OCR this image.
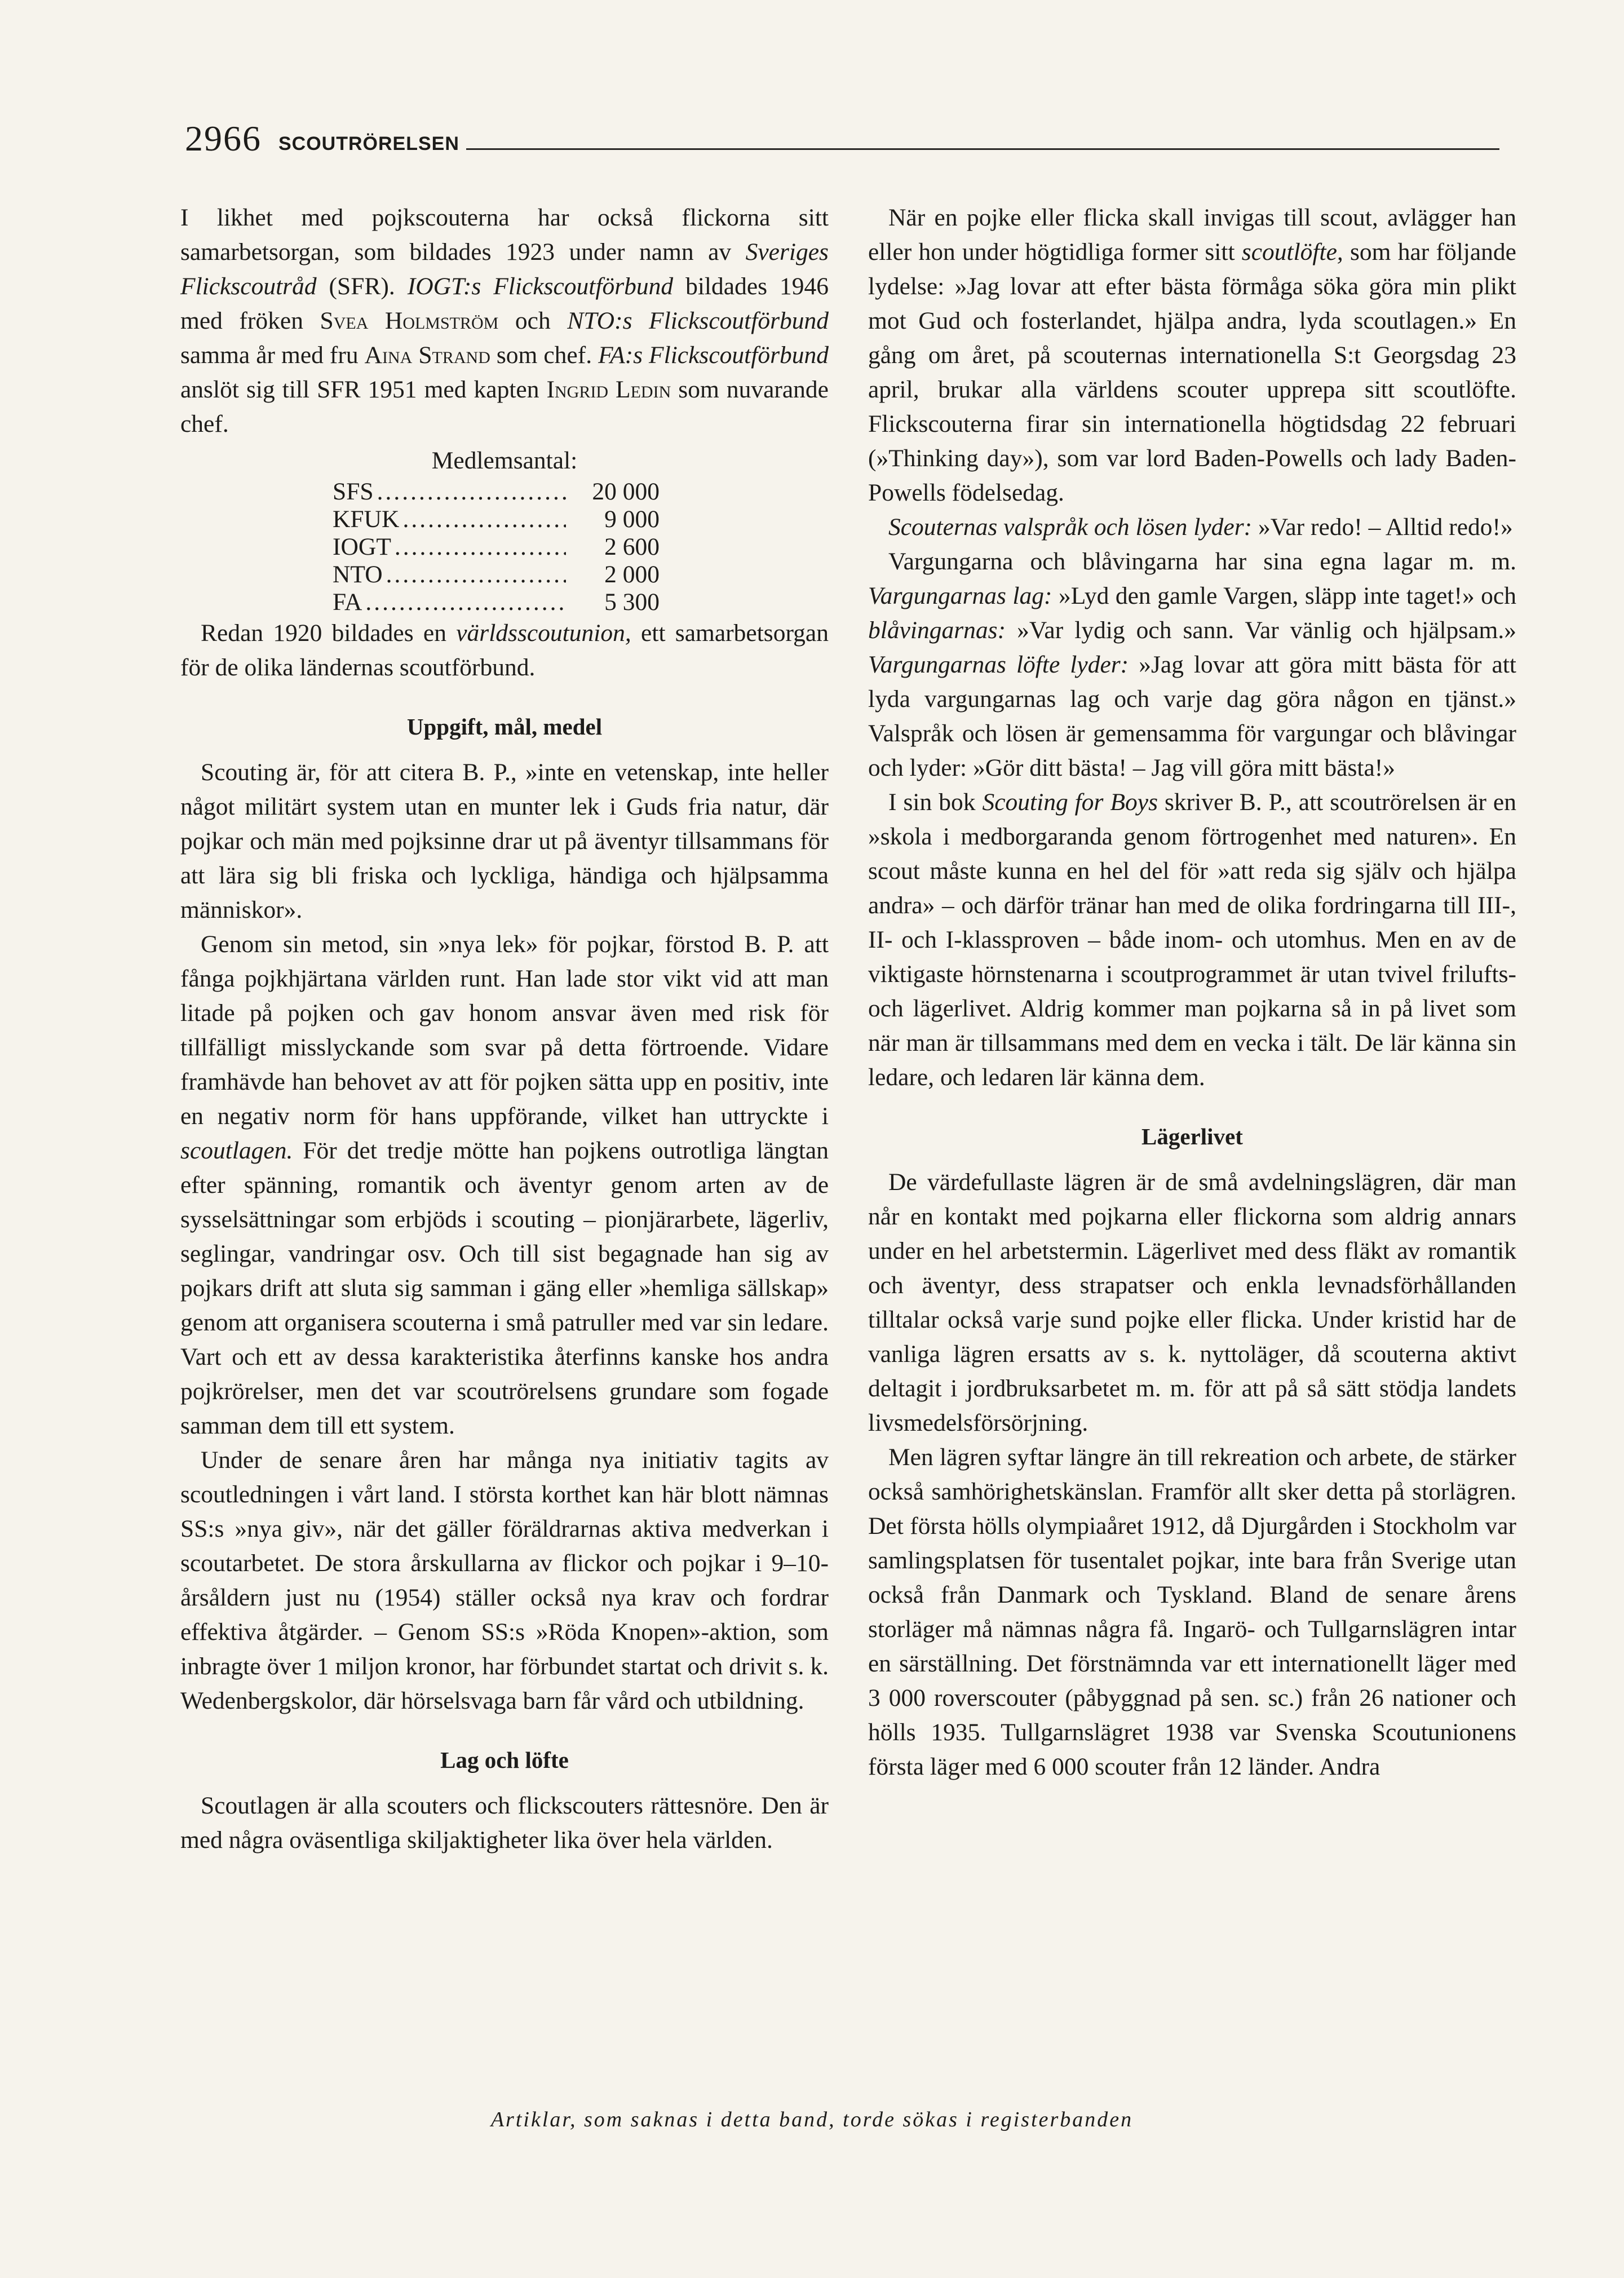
2966 SCOUTRÖRELSEN

I likhet med pojkscouterna har också flickorna sitt samarbetsorgan, som bildades 1923 under namn av Sveriges Flickscoutråd (SFR). IOGT:s Flickscoutförbund bildades 1946 med fröken Svea Holmström och NTO:s Flickscoutförbund samma år med fru Aina Strand som chef. FA:s Flickscoutförbund anslöt sig till SFR 1951 med kapten Ingrid Ledin som nuvarande chef.

Medlemsantal:

SFS .....	20 000
KFUK .....	9 000
IOGT .....	2 600
NTO .....	2 000
FA .....	5 300

Redan 1920 bildades en världsscoutunion, ett samarbetsorgan för de olika ländernas scoutförbund.

Uppgift, mål, medel

Scouting är, för att citera B. P., »inte en vetenskap, inte heller något militärt system utan en munter lek i Guds fria natur, där pojkar och män med pojksinne drar ut på äventyr tillsammans för att lära sig bli friska och lyckliga, händiga och hjälpsamma människor».

Genom sin metod, sin »nya lek» för pojkar, förstod B. P. att fånga pojkhjärtana världen runt. Han lade stor vikt vid att man litade på pojken och gav honom ansvar även med risk för tillfälligt misslyckande som svar på detta förtroende. Vidare framhävde han behovet av att för pojken sätta upp en positiv, inte en negativ norm för hans uppförande, vilket han uttryckte i scoutlagen. För det tredje mötte han pojkens outrotliga längtan efter spänning, romantik och äventyr genom arten av de sysselsättningar som erbjöds i scouting – pionjärarbete, lägerliv, seglingar, vandringar osv. Och till sist begagnade han sig av pojkars drift att sluta sig samman i gäng eller »hemliga sällskap» genom att organisera scouterna i små patruller med var sin ledare. Vart och ett av dessa karakteristika återfinns kanske hos andra pojkrörelser, men det var scoutrörelsens grundare som fogade samman dem till ett system.

Under de senare åren har många nya initiativ tagits av scoutledningen i vårt land. I största korthet kan här blott nämnas SS:s »nya giv», när det gäller föräldrarnas aktiva medverkan i scoutarbetet. De stora årskullarna av flickor och pojkar i 9–10-årsåldern just nu (1954) ställer också nya krav och fordrar effektiva åtgärder. – Genom SS:s »Röda Knopen»-aktion, som inbragte över 1 miljon kronor, har förbundet startat och drivit s. k. Wedenbergskolor, där hörselsvaga barn får vård och utbildning.

Lag och löfte

Scoutlagen är alla scouters och flickscouters rättesnöre. Den är med några oväsentliga skiljaktigheter lika över hela världen.

När en pojke eller flicka skall invigas till scout, avlägger han eller hon under högtidliga former sitt scoutlöfte, som har följande lydelse: »Jag lovar att efter bästa förmåga söka göra min plikt mot Gud och fosterlandet, hjälpa andra, lyda scoutlagen.» En gång om året, på scouternas internationella S:t Georgsdag 23 april, brukar alla världens scouter upprepa sitt scoutlöfte. Flickscouterna firar sin internationella högtidsdag 22 februari (»Thinking day»), som var lord Baden-Powells och lady Baden-Powells födelsedag.

Scouternas valspråk och lösen lyder: »Var redo! – Alltid redo!»

Vargungarna och blåvingarna har sina egna lagar m. m. Vargungarnas lag: »Lyd den gamle Vargen, släpp inte taget!» och blåvingarnas: »Var lydig och sann. Var vänlig och hjälpsam.» Vargungarnas löfte lyder: »Jag lovar att göra mitt bästa för att lyda vargungarnas lag och varje dag göra någon en tjänst.» Valspråk och lösen är gemensamma för vargungar och blåvingar och lyder: »Gör ditt bästa! – Jag vill göra mitt bästa!»

I sin bok Scouting for Boys skriver B. P., att scoutrörelsen är en »skola i medborgaranda genom förtrogenhet med naturen». En scout måste kunna en hel del för »att reda sig själv och hjälpa andra» – och därför tränar han med de olika fordringarna till III-, II- och I-klassproven – både inom- och utomhus. Men en av de viktigaste hörnstenarna i scoutprogrammet är utan tvivel frilufts- och lägerlivet. Aldrig kommer man pojkarna så in på livet som när man är tillsammans med dem en vecka i tält. De lär känna sin ledare, och ledaren lär känna dem.

Lägerlivet

De värdefullaste lägren är de små avdelningslägren, där man når en kontakt med pojkarna eller flickorna som aldrig annars under en hel arbetstermin. Lägerlivet med dess fläkt av romantik och äventyr, dess strapatser och enkla levnadsförhållanden tilltalar också varje sund pojke eller flicka. Under kristid har de vanliga lägren ersatts av s. k. nyttoläger, då scouterna aktivt deltagit i jordbruksarbetet m. m. för att på så sätt stödja landets livsmedelsförsörjning.

Men lägren syftar längre än till rekreation och arbete, de stärker också samhörighetskänslan. Framför allt sker detta på storlägren. Det första hölls olympiaåret 1912, då Djurgården i Stockholm var samlingsplatsen för tusentalet pojkar, inte bara från Sverige utan också från Danmark och Tyskland. Bland de senare årens storläger må nämnas några få. Ingarö- och Tullgarnslägren intar en särställning. Det förstnämnda var ett internationellt läger med 3 000 roverscouter (påbyggnad på sen. sc.) från 26 nationer och hölls 1935. Tullgarnslägret 1938 var Svenska Scoutunionens första läger med 6 000 scouter från 12 länder. Andra

Artiklar, som saknas i detta band, torde sökas i registerbanden
